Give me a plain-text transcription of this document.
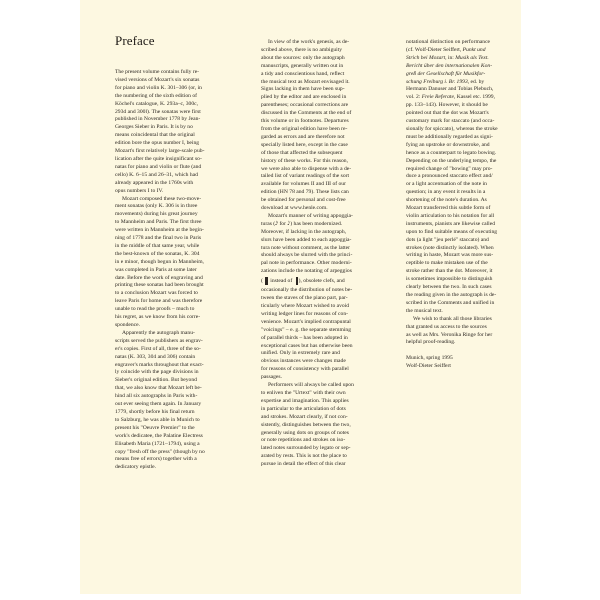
Preface

The present volume contains fully re-
vised versions of Mozart's six sonatas
for piano and violin K. 301–306 (or, in
the numbering of the sixth edition of
Köchel's catalogue, K. 293a–c, 300c,
293d and 300l). The sonatas were first
published in November 1778 by Jean-
Georges Sieber in Paris. It is by no
means coincidental that the original
edition bore the opus number I, being
Mozart's first relatively large-scale pub-
lication after the quite insignificant so-
natas for piano and violin or flute (and
cello) K. 6–15 and 26–31, which had
already appeared in the 1760s with
opus numbers I to IV.

Mozart composed these two-move-
ment sonatas (only K. 306 is in three
movements) during his great journey
to Mannheim and Paris. The first three
were written in Mannheim at the begin-
ning of 1778 and the final two in Paris
in the middle of that same year, while
the best-known of the sonatas, K. 304
in e minor, though begun in Mannheim,
was completed in Paris at some later
date. Before the work of engraving and
printing these sonatas had been brought
to a conclusion Mozart was forced to
leave Paris for home and was therefore
unable to read the proofs – much to
his regret, as we know from his corre-
spondence.

Apparently the autograph manu-
scripts served the publishers as engrav-
er's copies. First of all, three of the so-
natas (K. 303, 304 and 306) contain
engraver's marks throughout that exact-
ly coincide with the page divisions in
Sieber's original edition. But beyond
that, we also know that Mozart left be-
hind all six autographs in Paris with-
out ever seeing them again. In January
1779, shortly before his final return
to Salzburg, he was able in Munich to
present his "Oeuvre Premier" to the
work's dedicatee, the Palatine Electress
Elisabeth Maria (1721–1794), using a
copy "fresh off the press" (though by no
means free of errors) together with a
dedicatory epistle.

In view of the work's genesis, as de-
scribed above, there is no ambiguity
about the sources: only the autograph
manuscripts, generally written out in
a tidy and conscientious hand, reflect
the musical text as Mozart envisaged it.
Signs lacking in them have been sup-
plied by the editor and are enclosed in
parentheses; occasional corrections are
discussed in the Comments at the end of
this volume or in footnotes. Departures
from the original edition have been re-
garded as errors and are therefore not
specially listed here, except in the case
of those that affected the subsequent
history of these works. For this reason,
we were also able to dispense with a de-
tailed list of variant readings of the sort
available for volumes II and III of our
edition (HN 78 and 79). These lists can
be obtained for personal and cost-free
download at www.henle.com.

Mozart's manner of writing appoggia-
turas (𝅘𝅥𝅯 for 𝅘𝅥𝅮) has been modernized.
Moreover, if lacking in the autograph,
slurs have been added to each appoggia-
tura note without comment, as the latter
should always be slurred with the princi-
pal note in performance. Other moderni-
zations include the notating of arpeggios
( instead of ), obsolete clefs, and
occasionally the distribution of notes be-
tween the staves of the piano part, par-
ticularly where Mozart wished to avoid
writing ledger lines for reasons of con-
venience. Mozart's implied contrapuntal
"voicings" – e. g. the separate stemming
of parallel thirds – has been adopted in
exceptional cases but has otherwise been
unified. Only in extremely rare and
obvious instances were changes made
for reasons of consistency with parallel
passages.

Performers will always be called upon
to enliven the "Urtext" with their own
expertise and imagination. This applies
in particular to the articulation of dots
and strokes. Mozart clearly, if not con-
sistently, distinguishes between the two,
generally using dots on groups of notes
or note repetitions and strokes on iso-
lated notes surrounded by legato or sep-
arated by rests. This is not the place to
pursue in detail the effect of this clear

notational distinction on performance
(cf. Wolf-Dieter Seiffert, Punkt und
Strich bei Mozart, in: Musik als Text.
Bericht über den internationalen Kon-
greß der Gesellschaft für Musikfor-
schung Freiburg i. Br. 1993, ed. by
Hermann Danuser and Tobias Plebuch,
vol. 2: Freie Referate, Kassel etc. 1999,
pp. 133–143). However, it should be
pointed out that the dot was Mozart's
customary mark for staccato (and occa-
sionally for spiccato), whereas the stroke
must be additionally regarded as signi-
fying an upstroke or downstroke, and
hence as a counterpart to legato bowing.
Depending on the underlying tempo, the
required change of "bowing" may pro-
duce a pronounced staccato effect and/
or a light accentuation of the note in
question; in any event it results in a
shortening of the note's duration. As
Mozart transferred this subtle form of
violin articulation to his notation for all
instruments, pianists are likewise called
upon to find suitable means of executing
dots (a light "jeu perlé" staccato) and
strokes (note distinctly isolated). When
writing in haste, Mozart was more sus-
ceptible to make mistaken use of the
stroke rather than the dot. Moreover, it
is sometimes impossible to distinguish
clearly between the two. In such cases
the reading given in the autograph is de-
scribed in the Comments and unified in
the musical text.

We wish to thank all those libraries
that granted us access to the sources
as well as Mrs. Veronika Ringe for her
helpful proof-reading.

Munich, spring 1995
Wolf-Dieter Seiffert
